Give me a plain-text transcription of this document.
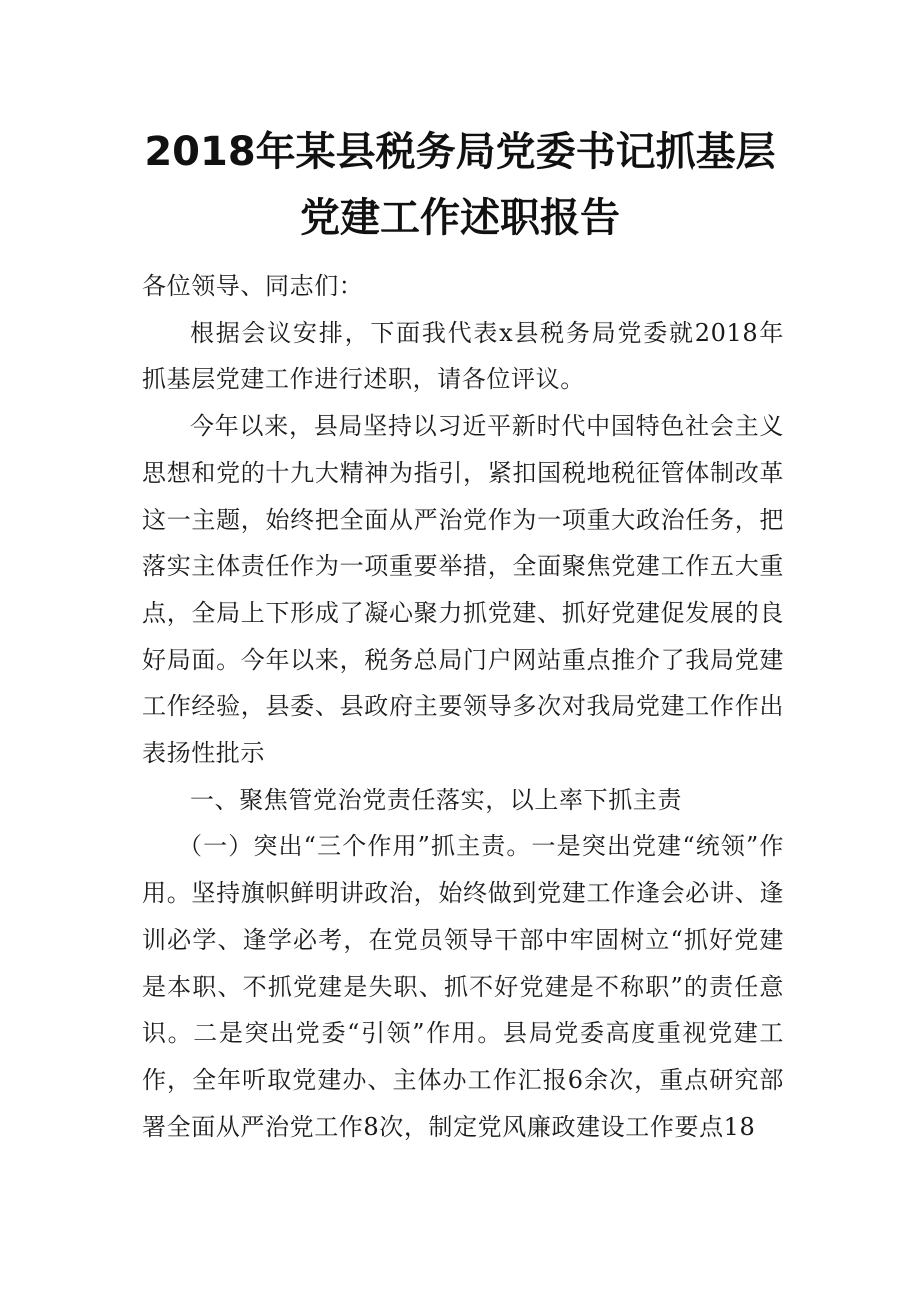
2018年某县税务局党委书记抓基层
党建工作述职报告

各位领导、同志们：

根据会议安排，下面我代表x县税务局党委就2018年抓基层党建工作进行述职，请各位评议。

今年以来，县局坚持以习近平新时代中国特色社会主义思想和党的十九大精神为指引，紧扣国税地税征管体制改革这一主题，始终把全面从严治党作为一项重大政治任务，把落实主体责任作为一项重要举措，全面聚焦党建工作五大重点，全局上下形成了凝心聚力抓党建、抓好党建促发展的良好局面。今年以来，税务总局门户网站重点推介了我局党建工作经验，县委、县政府主要领导多次对我局党建工作作出表扬性批示

一、聚焦管党治党责任落实，以上率下抓主责

（一）突出“三个作用”抓主责。一是突出党建“统领”作用。坚持旗帜鲜明讲政治，始终做到党建工作逢会必讲、逢训必学、逢学必考，在党员领导干部中牢固树立“抓好党建是本职、不抓党建是失职、抓不好党建是不称职”的责任意识。二是突出党委“引领”作用。县局党委高度重视党建工作，全年听取党建办、主体办工作汇报6余次，重点研究部署全面从严治党工作8次，制定党风廉政建设工作要点18
